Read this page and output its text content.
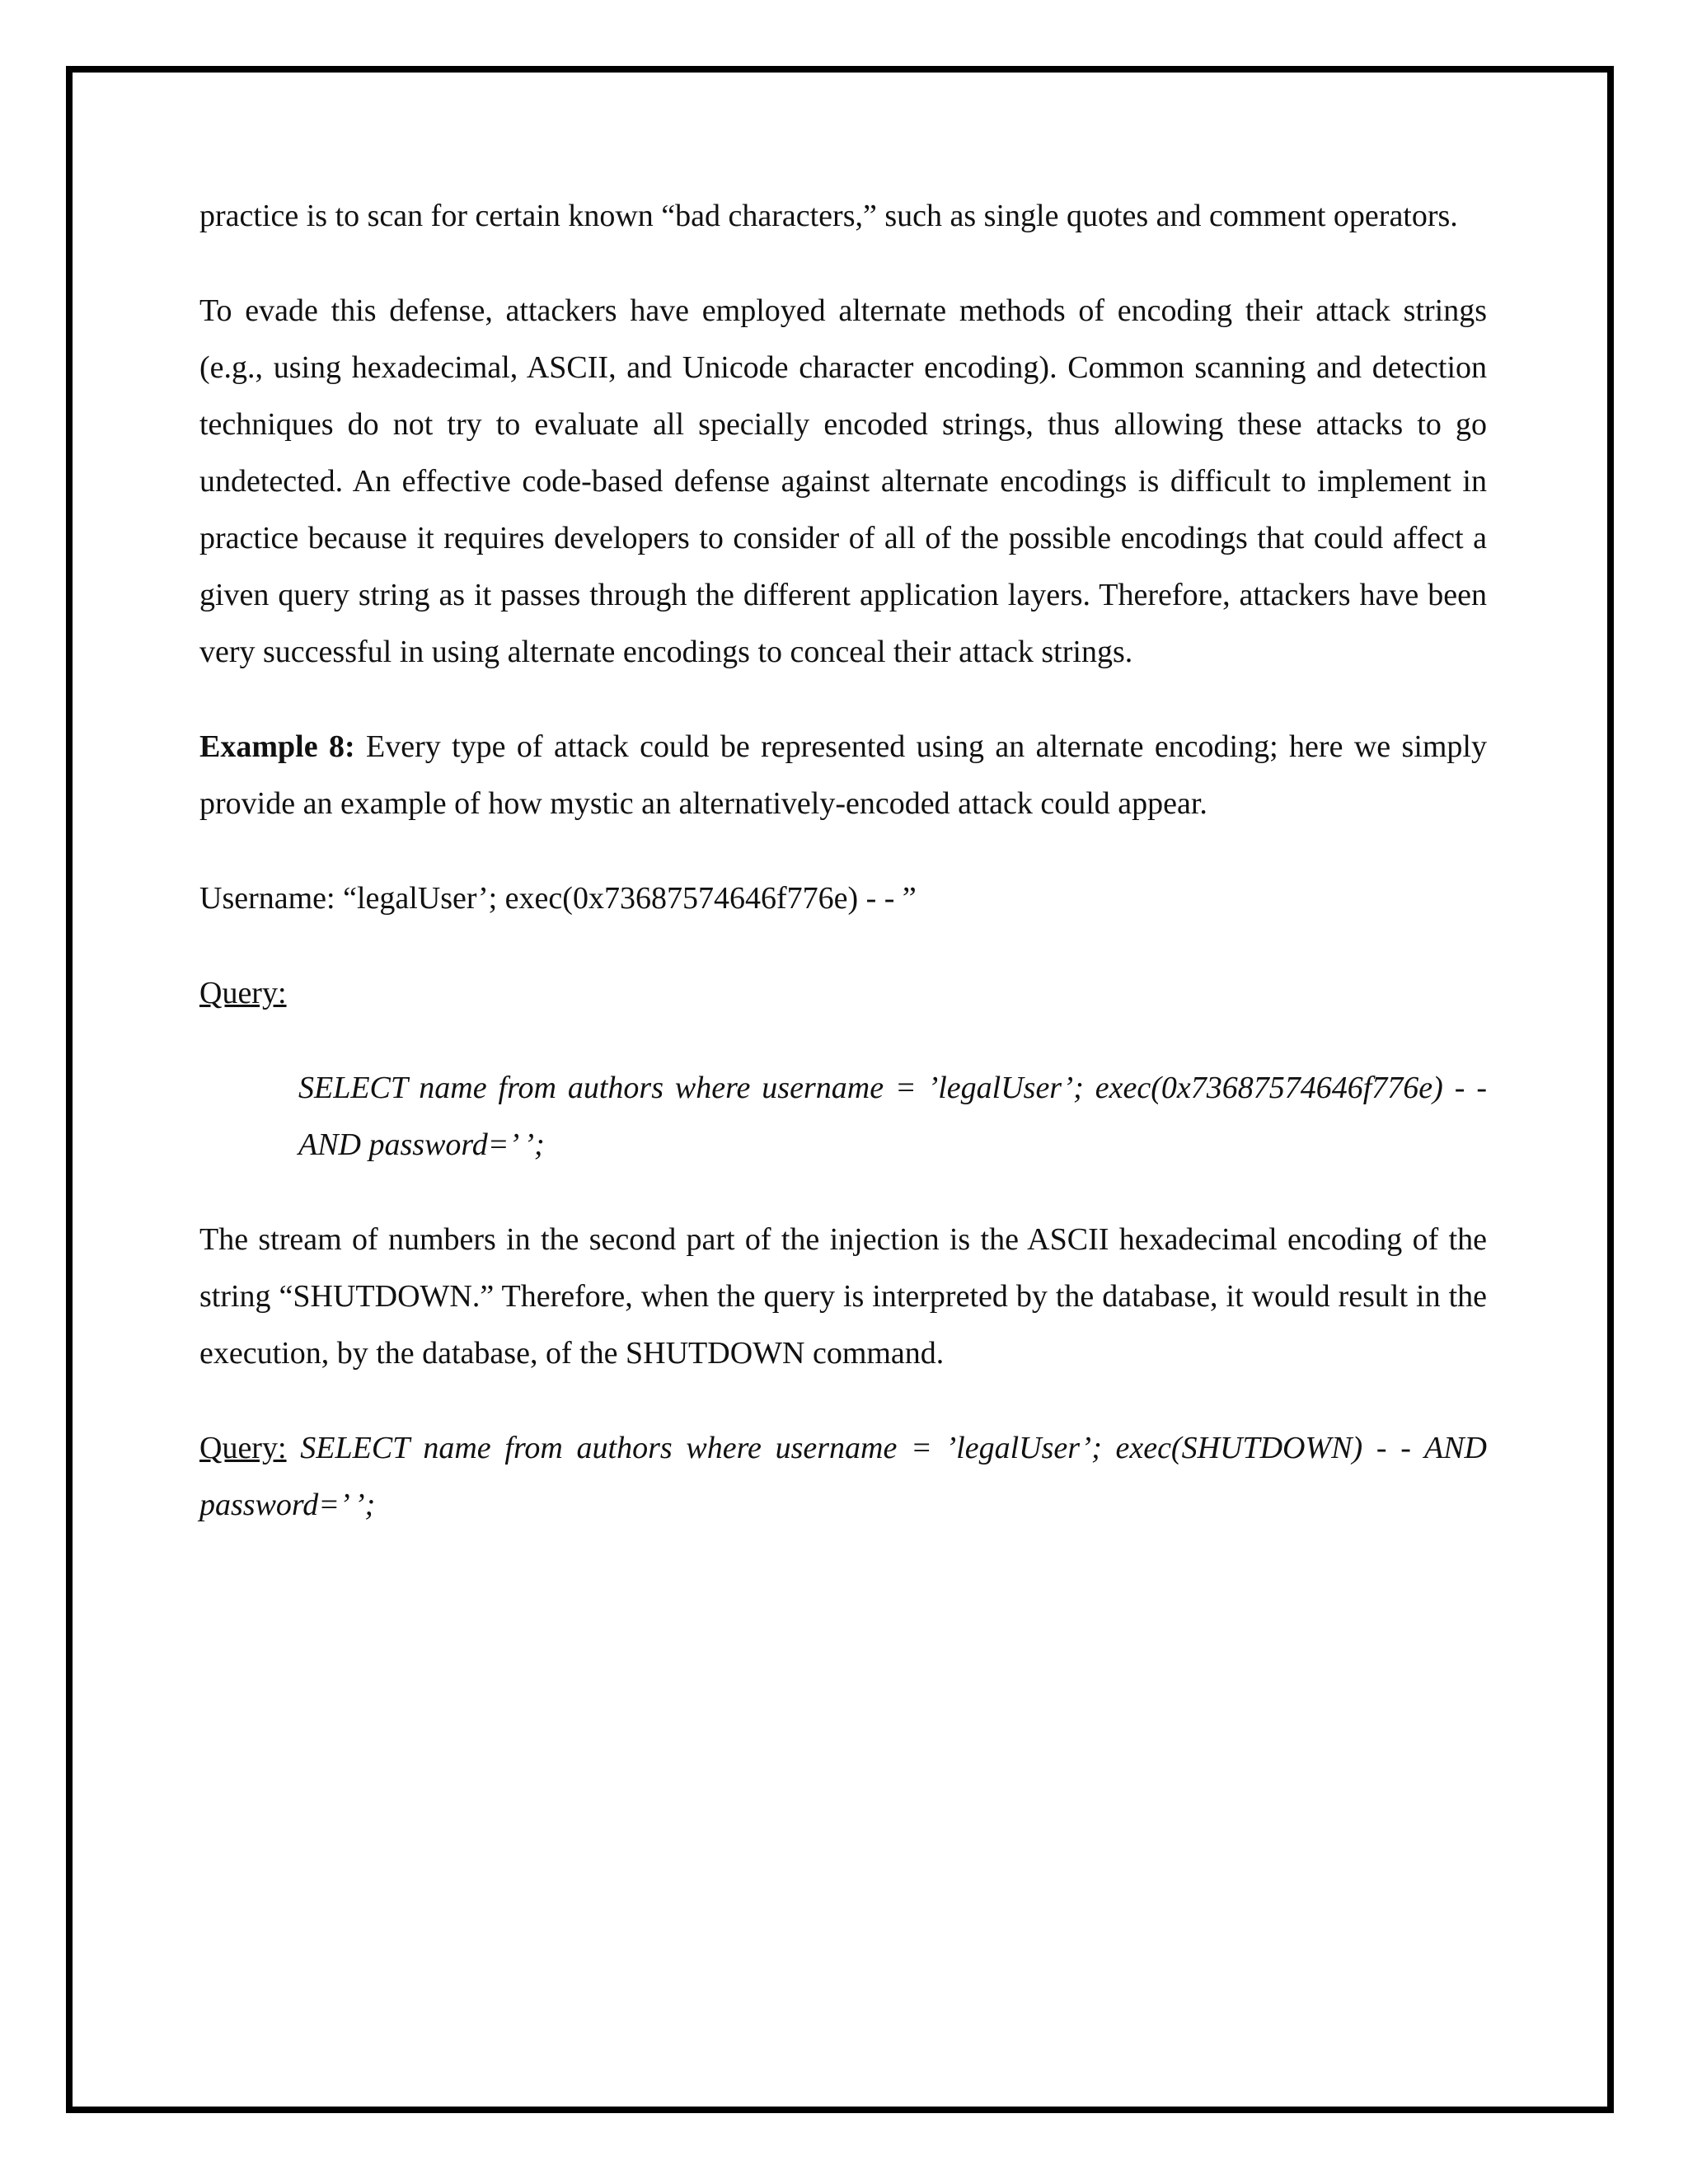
practice is to scan for certain known “bad characters,” such as single quotes and comment operators.

To evade this defense, attackers have employed alternate methods of encoding their attack strings (e.g., using hexadecimal, ASCII, and Unicode character encoding). Common scanning and detection techniques do not try to evaluate all specially encoded strings, thus allowing these attacks to go undetected. An effective code-based defense against alternate encodings is difficult to implement in practice because it requires developers to consider of all of the possible encodings that could affect a given query string as it passes through the different application layers. Therefore, attackers have been very successful in using alternate encodings to conceal their attack strings.

Example 8: Every type of attack could be represented using an alternate encoding; here we simply provide an example of how mystic an alternatively-encoded attack could appear.

Username: “legalUser’; exec(0x73687574646f776e) - - ”

Query:

SELECT name from authors where username = ’legalUser’; exec(0x73687574646f776e) - - AND password=’ ’;

The stream of numbers in the second part of the injection is the ASCII hexadecimal encoding of the string “SHUTDOWN.” Therefore, when the query is interpreted by the database, it would result in the execution, by the database, of the SHUTDOWN command.

Query: SELECT name from authors where username = ’legalUser’; exec(SHUTDOWN) - - AND password=’ ’;
